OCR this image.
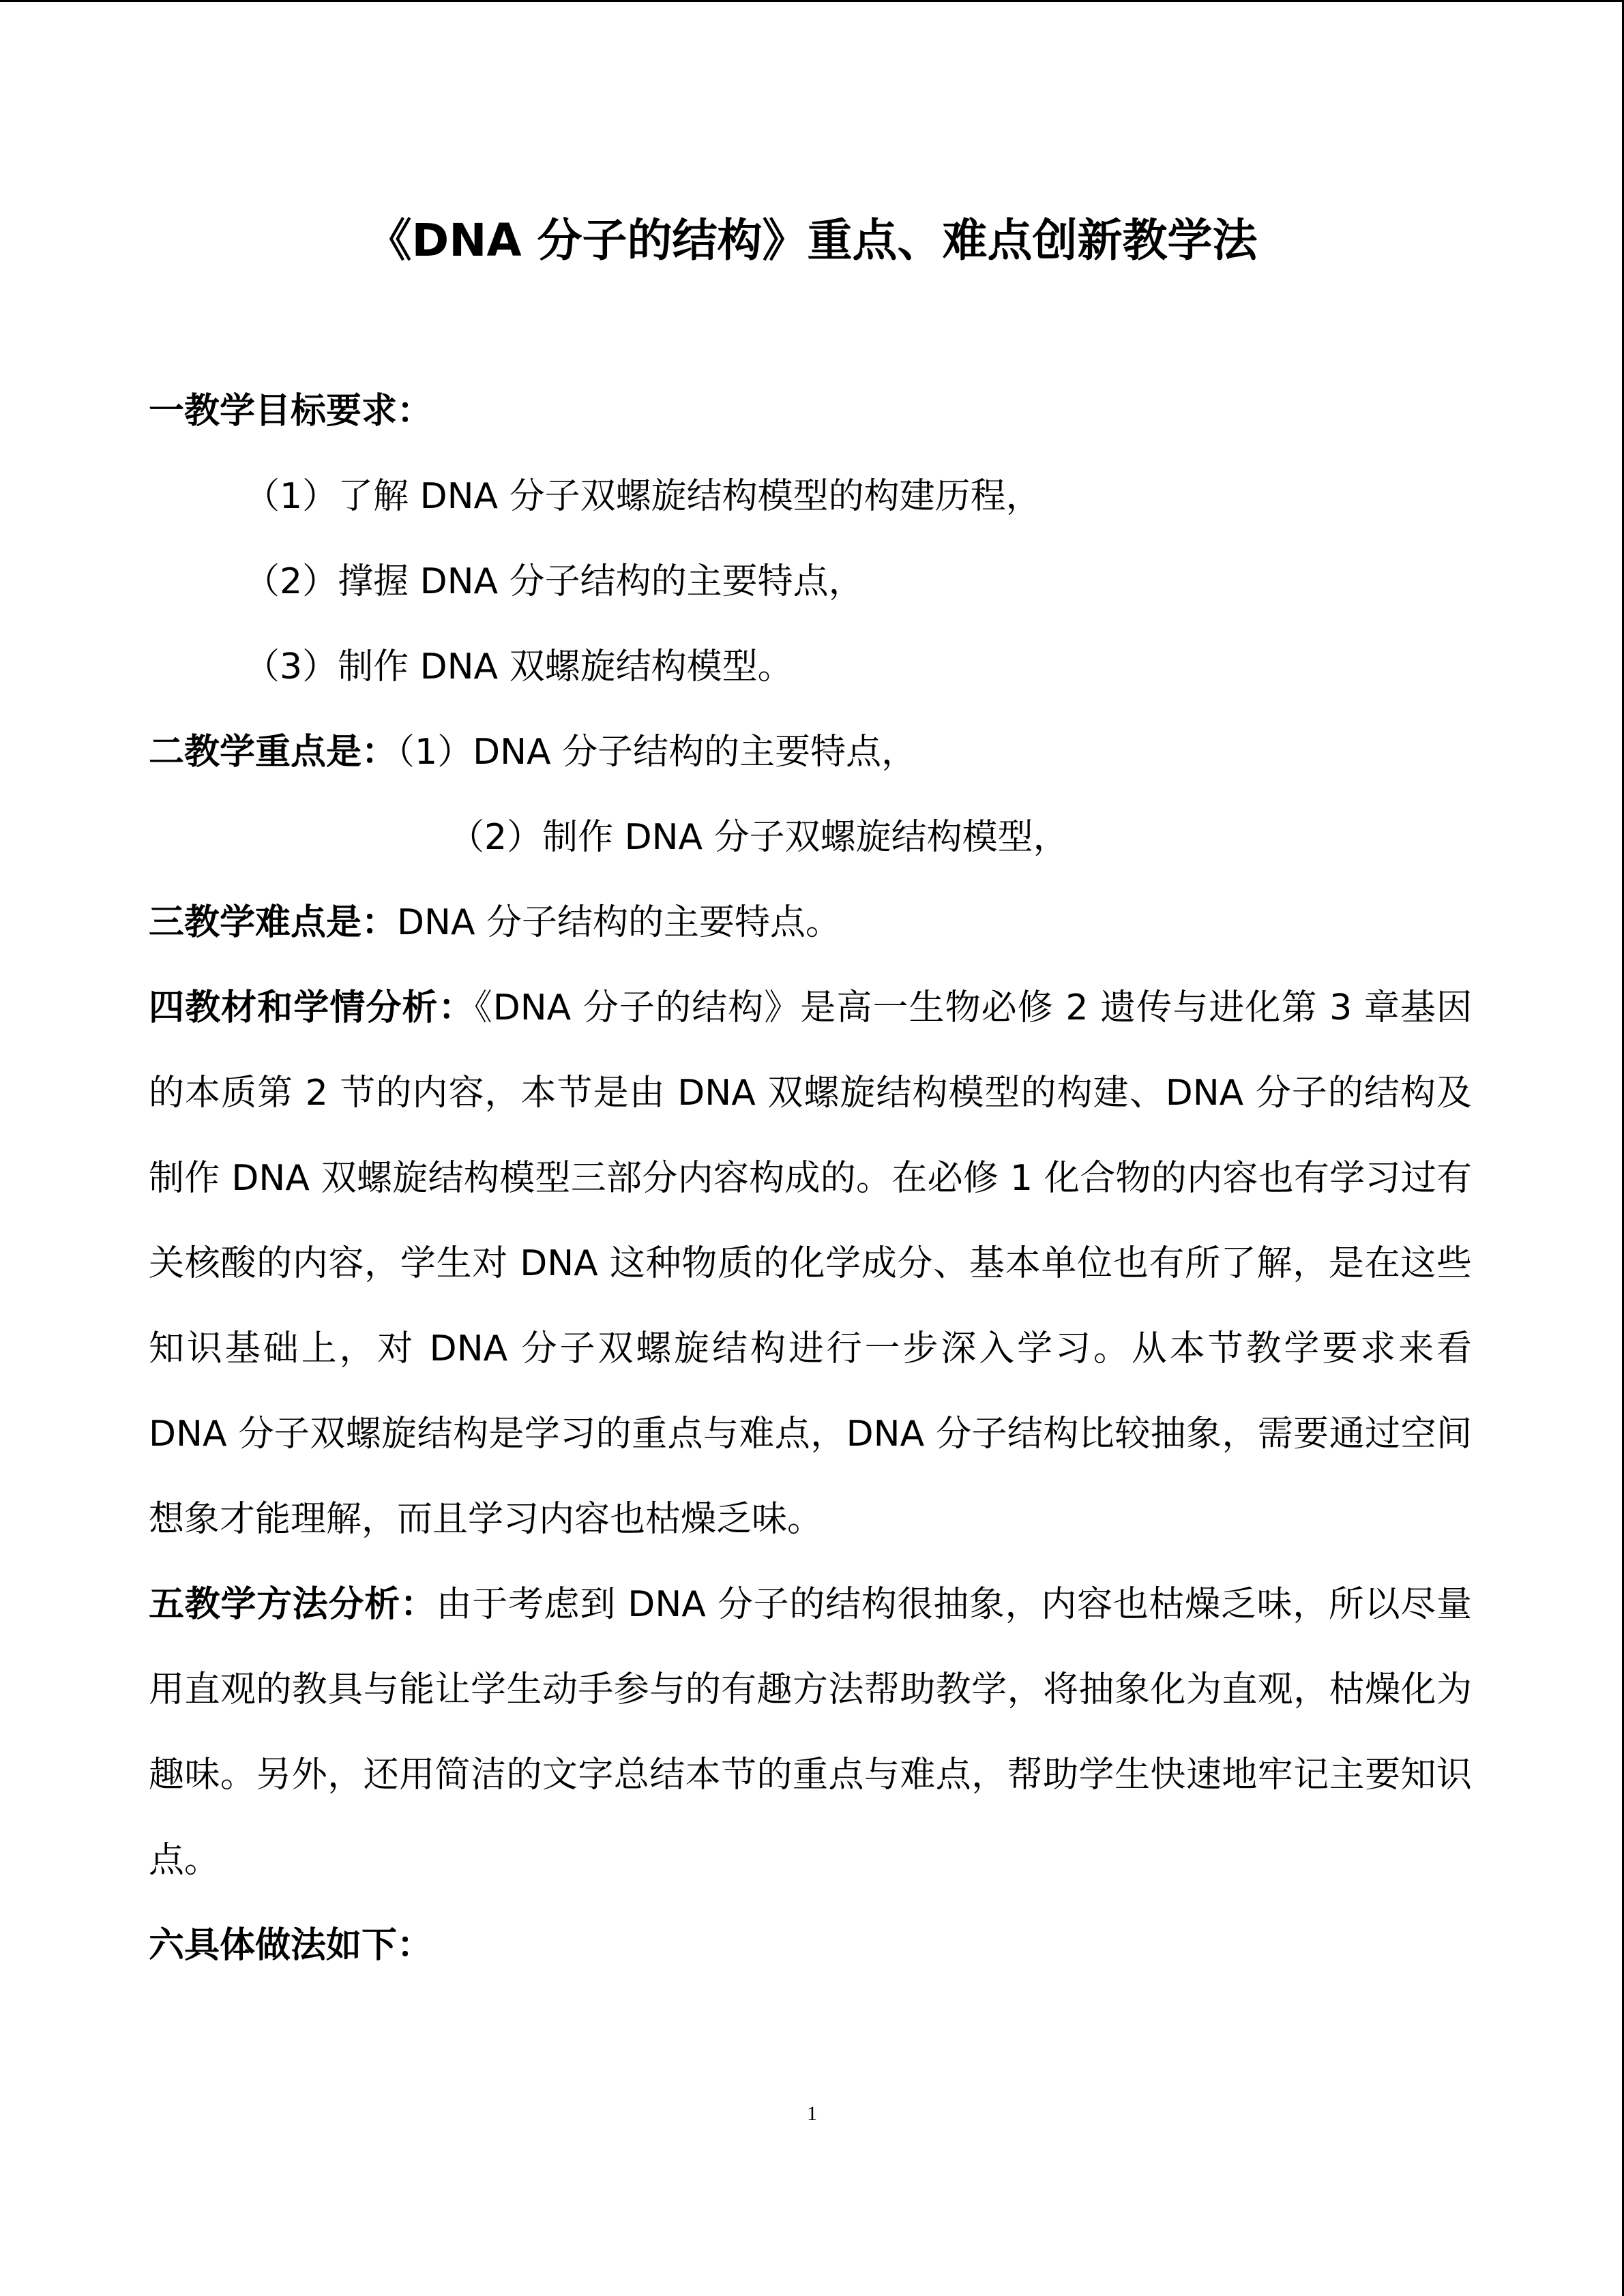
《DNA 分子的结构》重点、难点创新教学法
一教学目标要求：
（1）了解 DNA 分子双螺旋结构模型的构建历程，
（2）撑握 DNA 分子结构的主要特点，
（3）制作 DNA 双螺旋结构模型。
二教学重点是：（1）DNA 分子结构的主要特点，
（2）制作 DNA 分子双螺旋结构模型，
三教学难点是：DNA 分子结构的主要特点。
四教材和学情分析：《DNA 分子的结构》是高一生物必修 2 遗传与进化第 3 章基因的本质第 2 节的内容，本节是由 DNA 双螺旋结构模型的构建、DNA 分子的结构及制作 DNA 双螺旋结构模型三部分内容构成的。在必修 1 化合物的内容也有学习过有关核酸的内容，学生对 DNA 这种物质的化学成分、基本单位也有所了解，是在这些知识基础上，对 DNA 分子双螺旋结构进行一步深入学习。从本节教学要求来看 DNA 分子双螺旋结构是学习的重点与难点，DNA 分子结构比较抽象，需要通过空间想象才能理解，而且学习内容也枯燥乏味。
五教学方法分析：由于考虑到 DNA 分子的结构很抽象，内容也枯燥乏味，所以尽量用直观的教具与能让学生动手参与的有趣方法帮助教学，将抽象化为直观，枯燥化为趣味。另外，还用简洁的文字总结本节的重点与难点，帮助学生快速地牢记主要知识点。
六具体做法如下：
1
